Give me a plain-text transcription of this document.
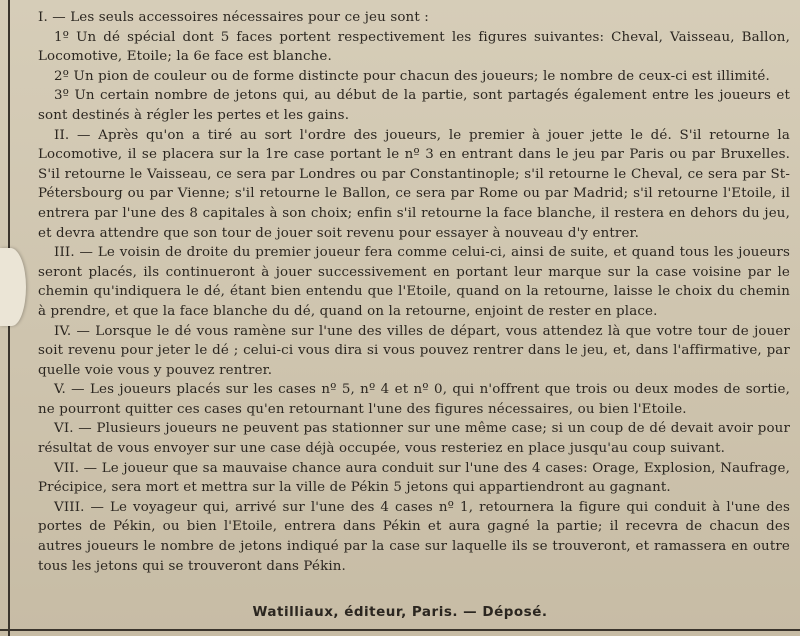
I. — Les seuls accessoires nécessaires pour ce jeu sont :

1º Un dé spécial dont 5 faces portent respectivement les figures suivantes: Cheval, Vaisseau, Ballon, Locomotive, Etoile; la 6e face est blanche.

2º Un pion de couleur ou de forme distincte pour chacun des joueurs; le nombre de ceux-ci est illimité.

3º Un certain nombre de jetons qui, au début de la partie, sont partagés également entre les joueurs et sont destinés à régler les pertes et les gains.

II. — Après qu'on a tiré au sort l'ordre des joueurs, le premier à jouer jette le dé. S'il retourne la Locomotive, il se placera sur la 1re case portant le nº 3 en entrant dans le jeu par Paris ou par Bruxelles. S'il retourne le Vaisseau, ce sera par Londres ou par Constantinople; s'il retourne le Cheval, ce sera par St-Pétersbourg ou par Vienne; s'il retourne le Ballon, ce sera par Rome ou par Madrid; s'il retourne l'Etoile, il entrera par l'une des 8 capitales à son choix; enfin s'il retourne la face blanche, il restera en dehors du jeu, et devra attendre que son tour de jouer soit revenu pour essayer à nouveau d'y entrer.

III. — Le voisin de droite du premier joueur fera comme celui-ci, ainsi de suite, et quand tous les joueurs seront placés, ils continueront à jouer successivement en portant leur marque sur la case voisine par le chemin qu'indiquera le dé, étant bien entendu que l'Etoile, quand on la retourne, laisse le choix du chemin à prendre, et que la face blanche du dé, quand on la retourne, enjoint de rester en place.

IV. — Lorsque le dé vous ramène sur l'une des villes de départ, vous attendez là que votre tour de jouer soit revenu pour jeter le dé ; celui-ci vous dira si vous pouvez rentrer dans le jeu, et, dans l'affirmative, par quelle voie vous y pouvez rentrer.

V. — Les joueurs placés sur les cases nº 5, nº 4 et nº 0, qui n'offrent que trois ou deux modes de sortie, ne pourront quitter ces cases qu'en retournant l'une des figures nécessaires, ou bien l'Etoile.

VI. — Plusieurs joueurs ne peuvent pas stationner sur une même case; si un coup de dé devait avoir pour résultat de vous envoyer sur une case déjà occupée, vous resteriez en place jusqu'au coup suivant.

VII. — Le joueur que sa mauvaise chance aura conduit sur l'une des 4 cases: Orage, Explosion, Naufrage, Précipice, sera mort et mettra sur la ville de Pékin 5 jetons qui appartiendront au gagnant.

VIII. — Le voyageur qui, arrivé sur l'une des 4 cases nº 1, retournera la figure qui conduit à l'une des portes de Pékin, ou bien l'Etoile, entrera dans Pékin et aura gagné la partie; il recevra de chacun des autres joueurs le nombre de jetons indiqué par la case sur laquelle ils se trouveront, et ramassera en outre tous les jetons qui se trouveront dans Pékin.

Watilliaux, éditeur, Paris. — Déposé.
